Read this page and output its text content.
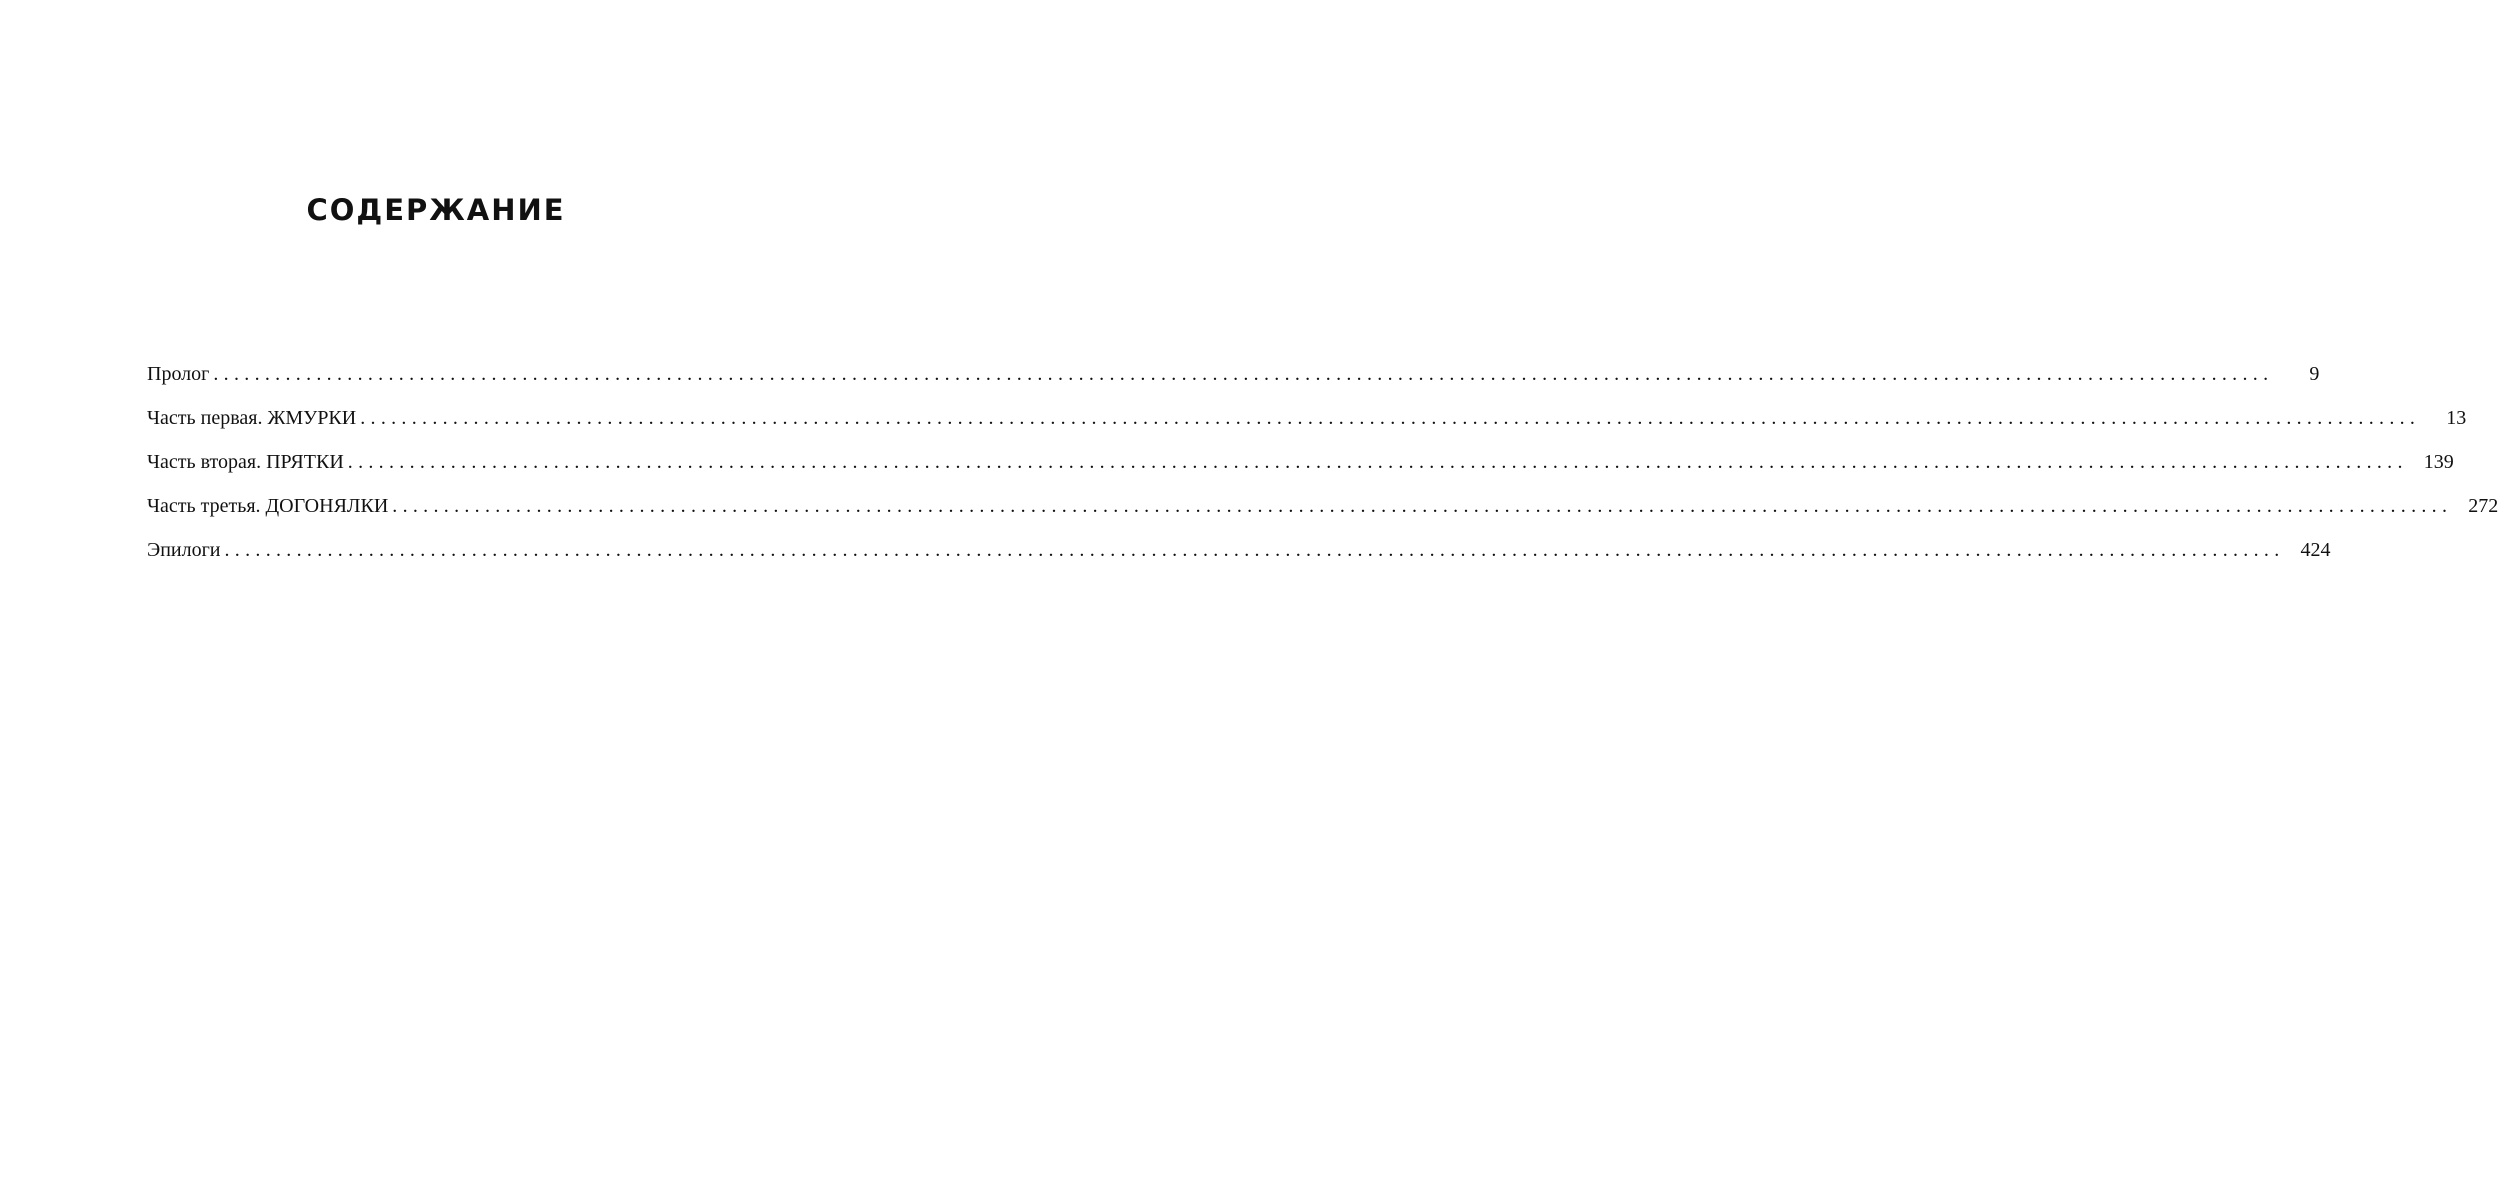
СОДЕРЖАНИЕ
Пролог ........................................................................................................................................................................................................	9
Часть первая. ЖМУРКИ ........................................................................................................................................................................................................	13
Часть вторая. ПРЯТКИ ........................................................................................................................................................................................................ 139
Часть третья. ДОГОНЯЛКИ ........................................................................................................................................................................................................ 272
Эпилоги ........................................................................................................................................................................................................ 424
